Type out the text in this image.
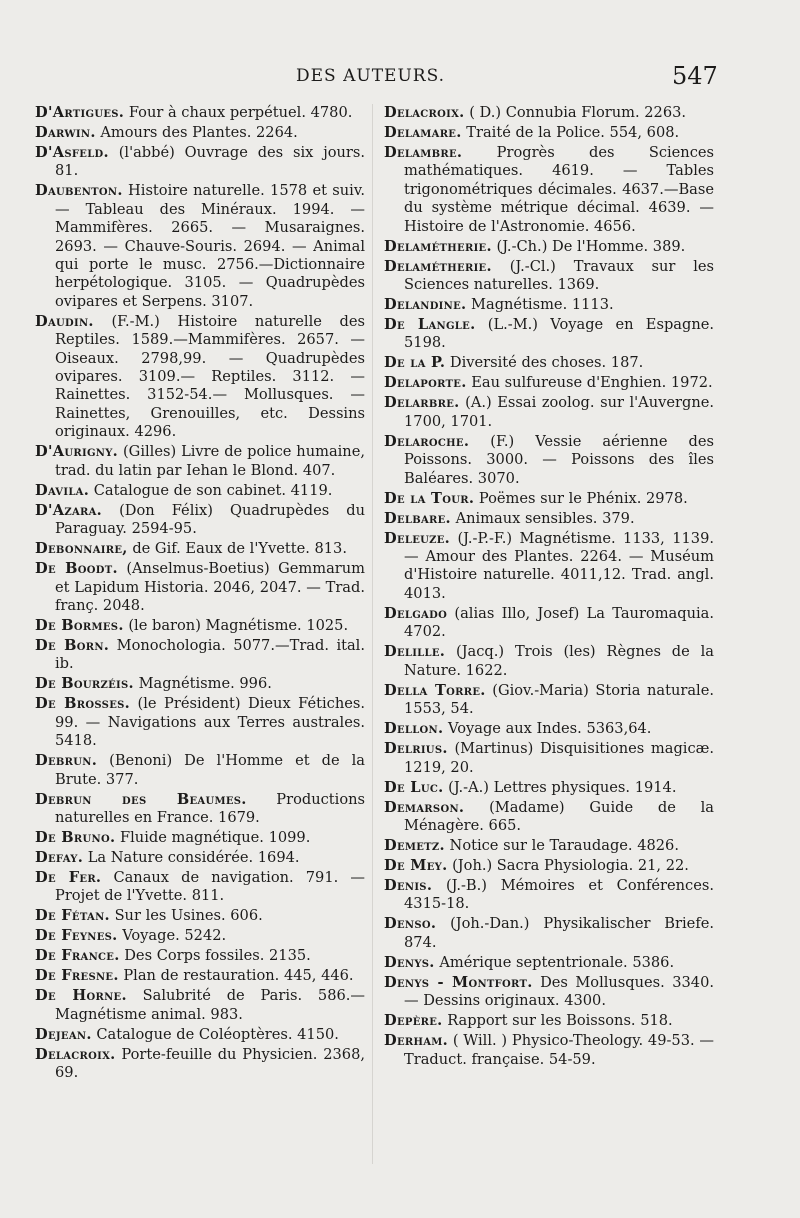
DES AUTEURS.	547

D'Artigues. Four à chaux perpétuel. 4780.

Darwin. Amours des Plantes. 2264.

D'Asfeld. (l'abbé) Ouvrage des six jours. 81.

Daubenton. Histoire naturelle. 1578 et suiv. — Tableau des Minéraux. 1994. — Mammifères. 2665. — Musaraignes. 2693. — Chauve-Souris. 2694. — Animal qui porte le musc. 2756.—Dictionnaire herpétologique. 3105. — Quadrupèdes ovipares et Serpens. 3107.

Daudin. (F.-M.) Histoire naturelle des Reptiles. 1589.—Mammifères. 2657. — Oiseaux. 2798,99. — Quadrupèdes ovipares. 3109.— Reptiles. 3112. — Rainettes. 3152-54.— Mollusques. — Rainettes, Grenouilles, etc. Dessins originaux. 4296.

D'Aurigny. (Gilles) Livre de police humaine, trad. du latin par Iehan le Blond. 407.

Davila. Catalogue de son cabinet. 4119.

D'Azara. (Don Félix) Quadrupèdes du Paraguay. 2594-95.

Debonnaire, de Gif. Eaux de l'Yvette. 813.

De Boodt. (Anselmus-Boetius) Gemmarum et Lapidum Historia. 2046, 2047. — Trad. franç. 2048.

De Bormes. (le baron) Magnétisme. 1025.

De Born. Monochologia. 5077.—Trad. ital. ib.

De Bourzéis. Magnétisme. 996.

De Brosses. (le Président) Dieux Fétiches. 99. — Navigations aux Terres australes. 5418.

Debrun. (Benoni) De l'Homme et de la Brute. 377.

Debrun des Beaumes. Productions naturelles en France. 1679.

De Bruno. Fluide magnétique. 1099.

Defay. La Nature considérée. 1694.

De Fer. Canaux de navigation. 791. — Projet de l'Yvette. 811.

De Fétan. Sur les Usines. 606.

De Feynes. Voyage. 5242.

De France. Des Corps fossiles. 2135.

De Fresne. Plan de restauration. 445, 446.

De Horne. Salubrité de Paris. 586.— Magnétisme animal. 983.

Dejean. Catalogue de Coléoptères. 4150.

Delacroix. Porte-feuille du Physicien. 2368, 69.

Delacroix. ( D.) Connubia Florum. 2263.

Delamare. Traité de la Police. 554, 608.

Delambre. Progrès des Sciences mathématiques. 4619. — Tables trigonométriques décimales. 4637.—Base du système métrique décimal. 4639. — Histoire de l'Astronomie. 4656.

Delamétherie. (J.-Ch.) De l'Homme. 389.

Delamétherie. (J.-Cl.) Travaux sur les Sciences naturelles. 1369.

Delandine. Magnétisme. 1113.

De Langle. (L.-M.) Voyage en Espagne. 5198.

De la P. Diversité des choses. 187.

Delaporte. Eau sulfureuse d'Enghien. 1972.

Delarbre. (A.) Essai zoolog. sur l'Auvergne. 1700, 1701.

Delaroche. (F.) Vessie aérienne des Poissons. 3000. — Poissons des îles Baléares. 3070.

De la Tour. Poëmes sur le Phénix. 2978.

Delbare. Animaux sensibles. 379.

Deleuze. (J.-P.-F.) Magnétisme. 1133, 1139. — Amour des Plantes. 2264. — Muséum d'Histoire naturelle. 4011,12. Trad. angl. 4013.

Delgado (alias Illo, Josef) La Tauromaquia. 4702.

Delille. (Jacq.) Trois (les) Règnes de la Nature. 1622.

Della Torre. (Giov.-Maria) Storia naturale. 1553, 54.

Dellon. Voyage aux Indes. 5363,64.

Delrius. (Martinus) Disquisitiones magicæ. 1219, 20.

De Luc. (J.-A.) Lettres physiques. 1914.

Demarson. (Madame) Guide de la Ménagère. 665.

Demetz. Notice sur le Taraudage. 4826.

De Mey. (Joh.) Sacra Physiologia. 21, 22.

Denis. (J.-B.) Mémoires et Conférences. 4315-18.

Denso. (Joh.-Dan.) Physikalischer Briefe. 874.

Denys. Amérique septentrionale. 5386.

Denys - Montfort. Des Mollusques. 3340. — Dessins originaux. 4300.

Depère. Rapport sur les Boissons. 518.

Derham. ( Will. ) Physico-Theology. 49-53. — Traduct. française. 54-59.
